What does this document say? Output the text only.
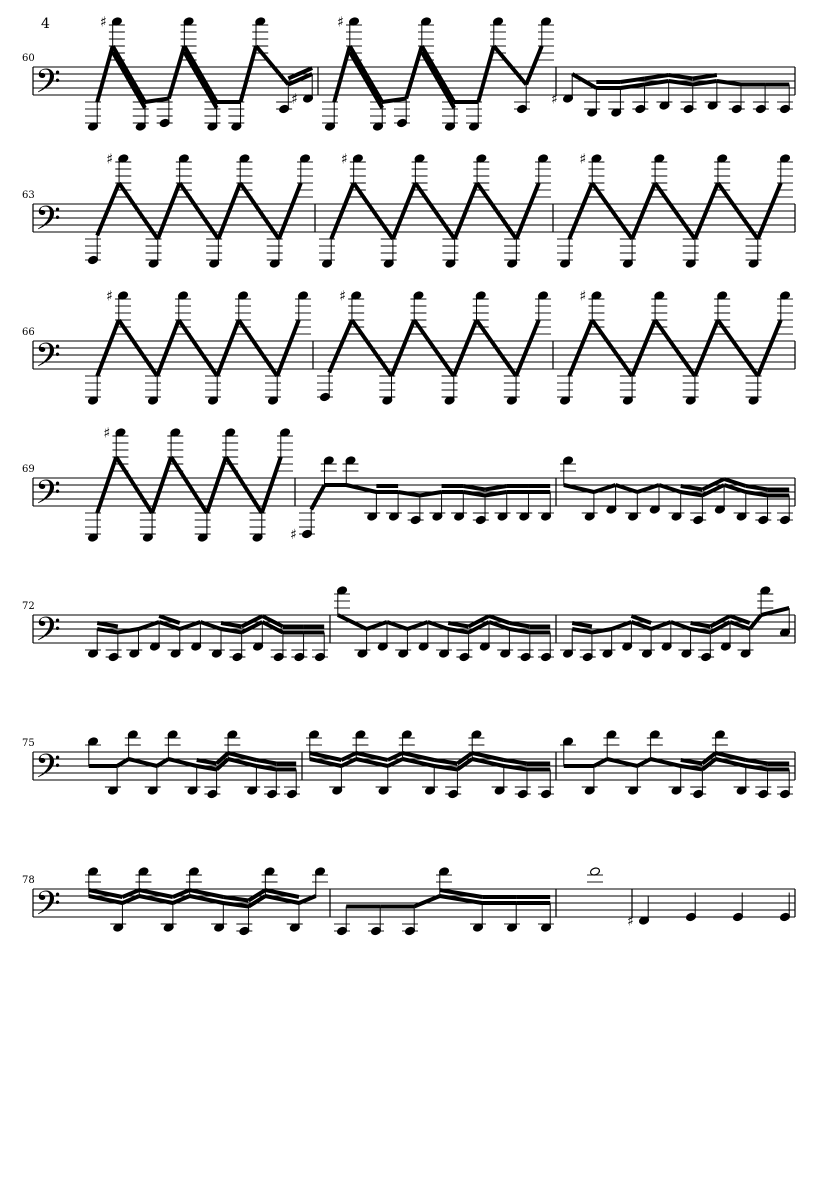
4
60
𝄢
♯
♯
♯
♯
63
𝄢
♯	♯	♯
66
𝄢
♯	♯	♯
69
𝄢
♯
♯
72
𝄢
75
𝄢
78
𝄢	♯
